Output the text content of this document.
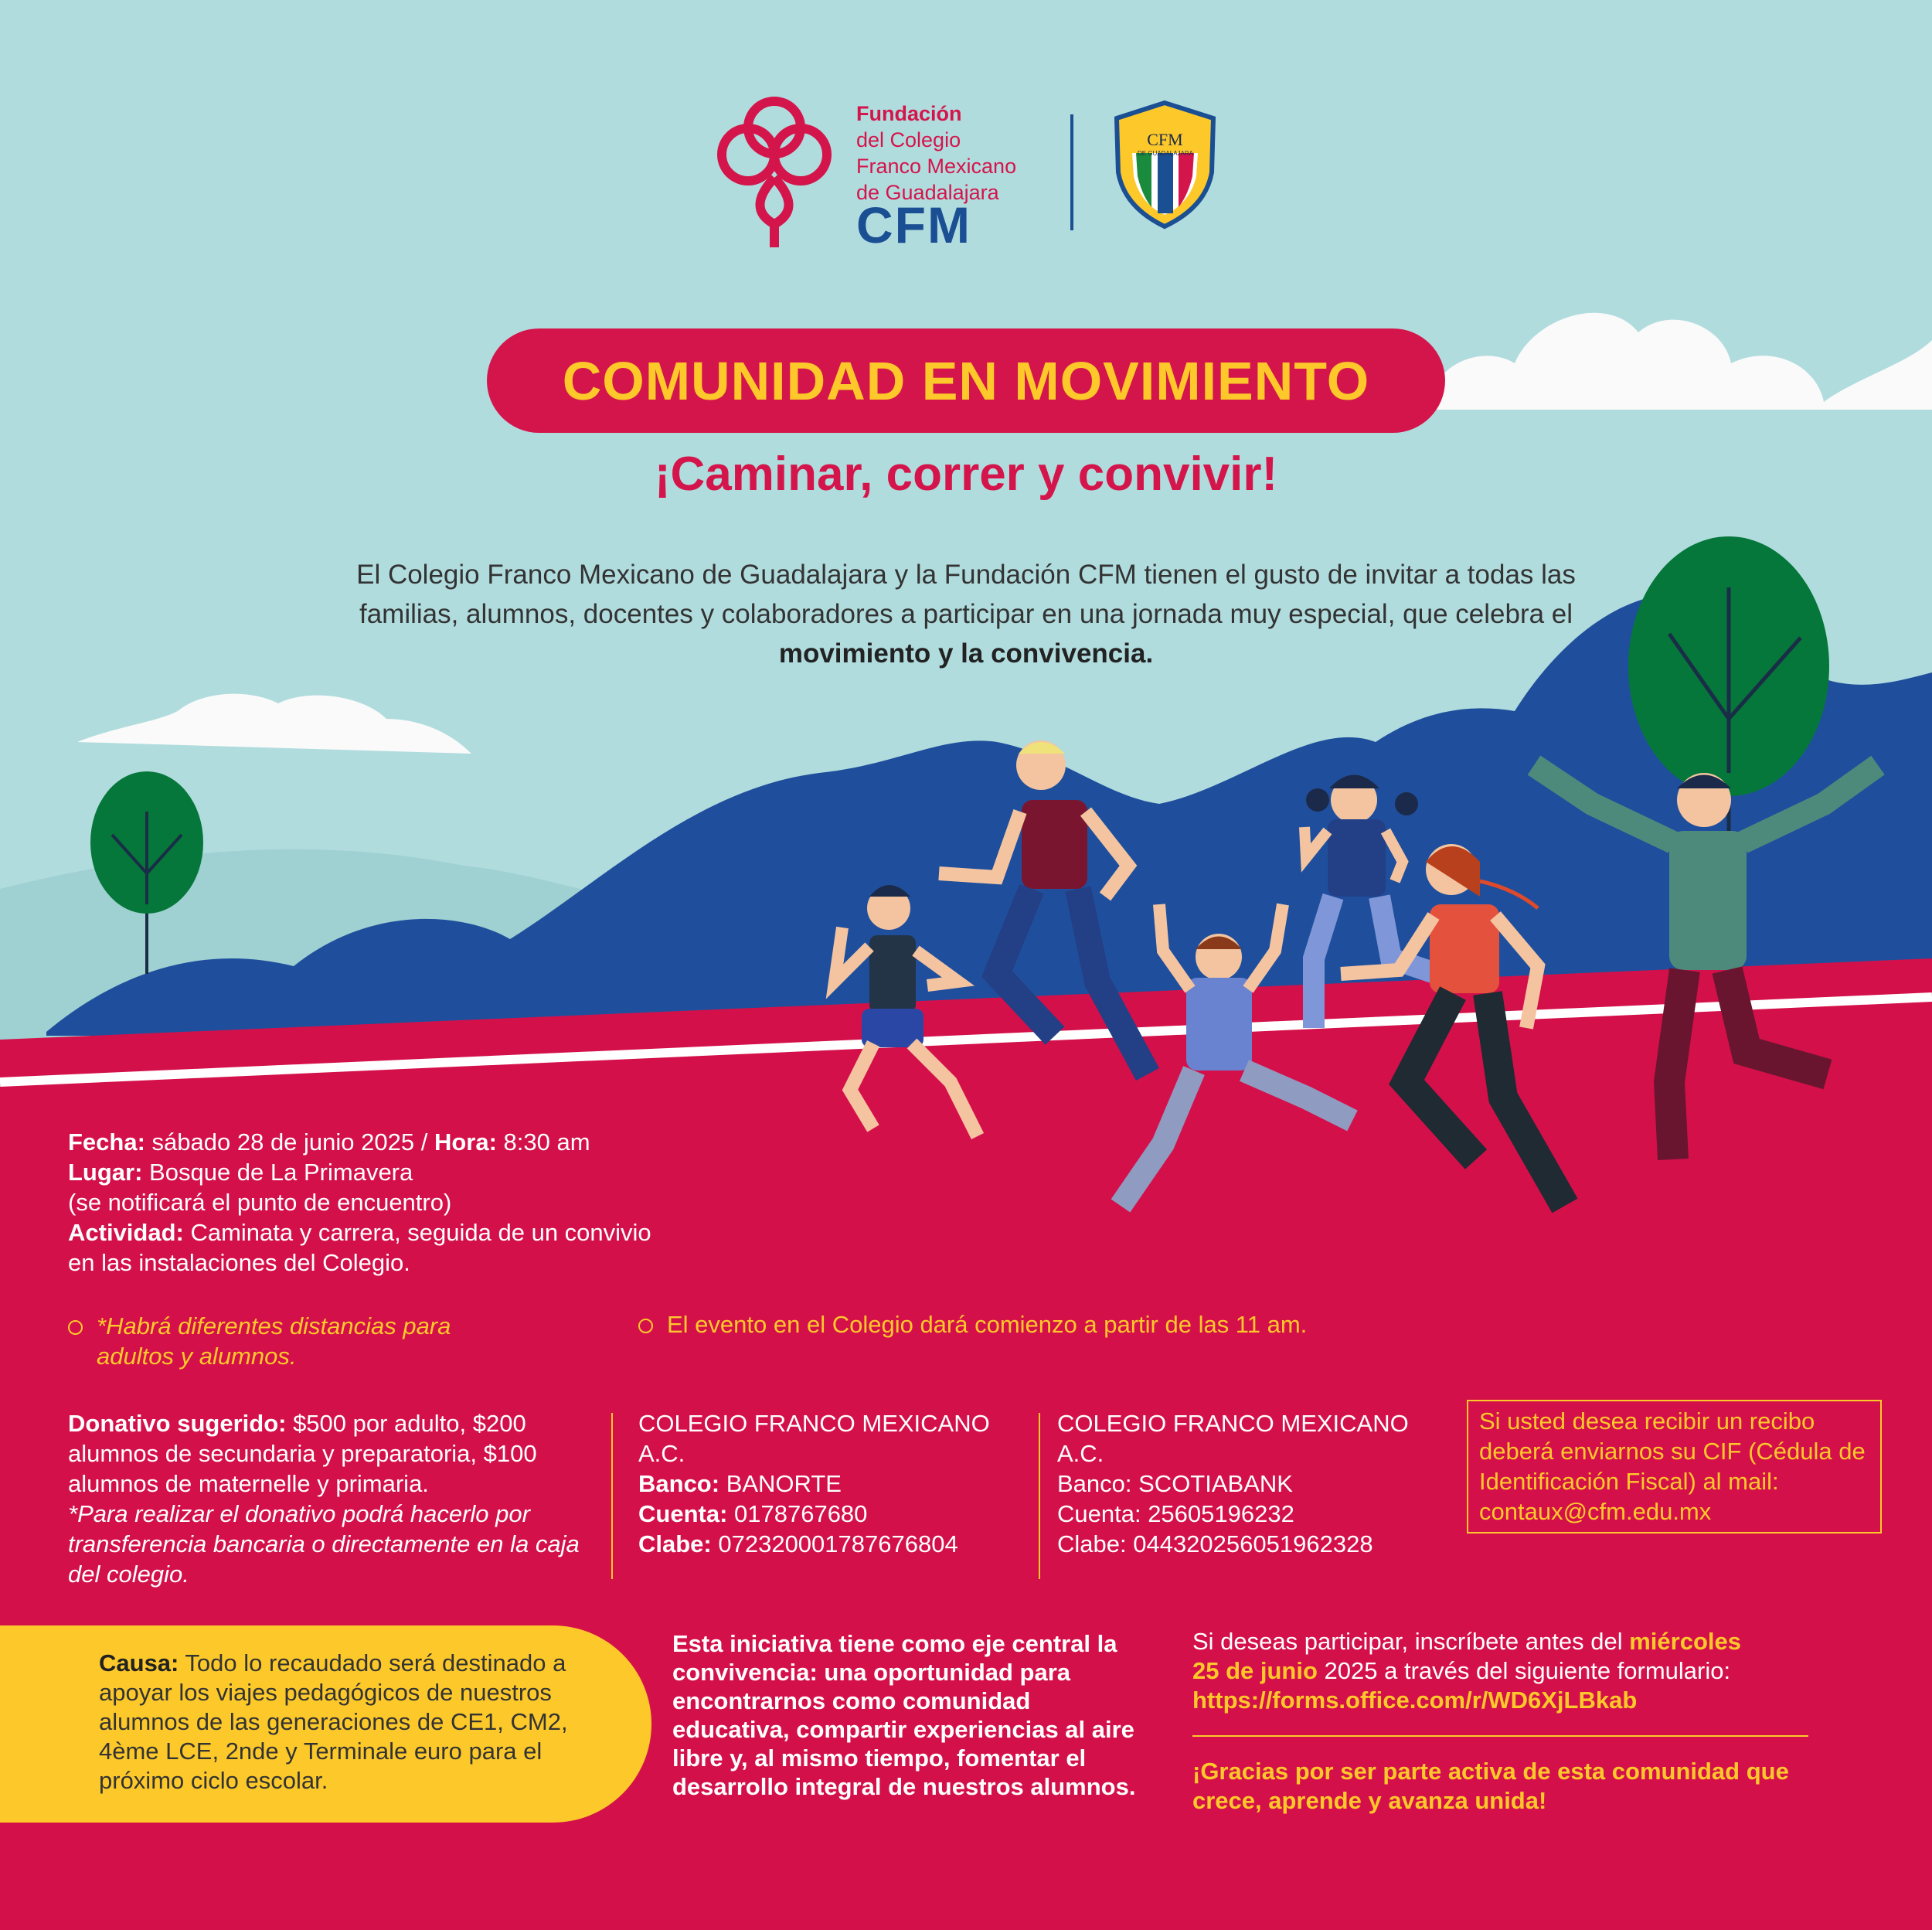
Fundación
del Colegio
Franco Mexicano
de Guadalajara
CFM
CFM
DE GUADALAJARA
COMUNIDAD EN MOVIMIENTO
¡Caminar, correr y convivir!
El Colegio Franco Mexicano de Guadalajara y la Fundación CFM tienen el gusto de invitar a todas las familias, alumnos, docentes y colaboradores a participar en una jornada muy especial, que celebra el movimiento y la convivencia.
Fecha: sábado 28 de junio 2025 / Hora: 8:30 am
Lugar: Bosque de La Primavera
(se notificará el punto de encuentro)
Actividad: Caminata y carrera, seguida de un convivio en las instalaciones del Colegio.
*Habrá diferentes distancias para adultos y alumnos.
El evento en el Colegio dará comienzo a partir de las 11 am.
Donativo sugerido: $500 por adulto, $200 alumnos de secundaria y preparatoria, $100 alumnos de maternelle y primaria.
*Para realizar el donativo podrá hacerlo por transferencia bancaria o directamente en la caja del colegio.
COLEGIO FRANCO MEXICANO A.C.
Banco: BANORTE
Cuenta: 0178767680
Clabe: 072320001787676804
COLEGIO FRANCO MEXICANO A.C.
Banco: SCOTIABANK
Cuenta: 25605196232
Clabe: 044320256051962328
Si usted desea recibir un recibo deberá enviarnos su CIF (Cédula de Identificación Fiscal) al mail: contaux@cfm.edu.mx
Causa: Todo lo recaudado será destinado a apoyar los viajes pedagógicos de nuestros alumnos de las generaciones de CE1, CM2, 4ème LCE, 2nde y Terminale euro para el próximo ciclo escolar.
Esta iniciativa tiene como eje central la convivencia: una oportunidad para encontrarnos como comunidad educativa, compartir experiencias al aire libre y, al mismo tiempo, fomentar el desarrollo integral de nuestros alumnos.
Si deseas participar, inscríbete antes del miércoles
25 de junio 2025 a través del siguiente formulario:
https://forms.office.com/r/WD6XjLBkab
¡Gracias por ser parte activa de esta comunidad que crece, aprende y avanza unida!
